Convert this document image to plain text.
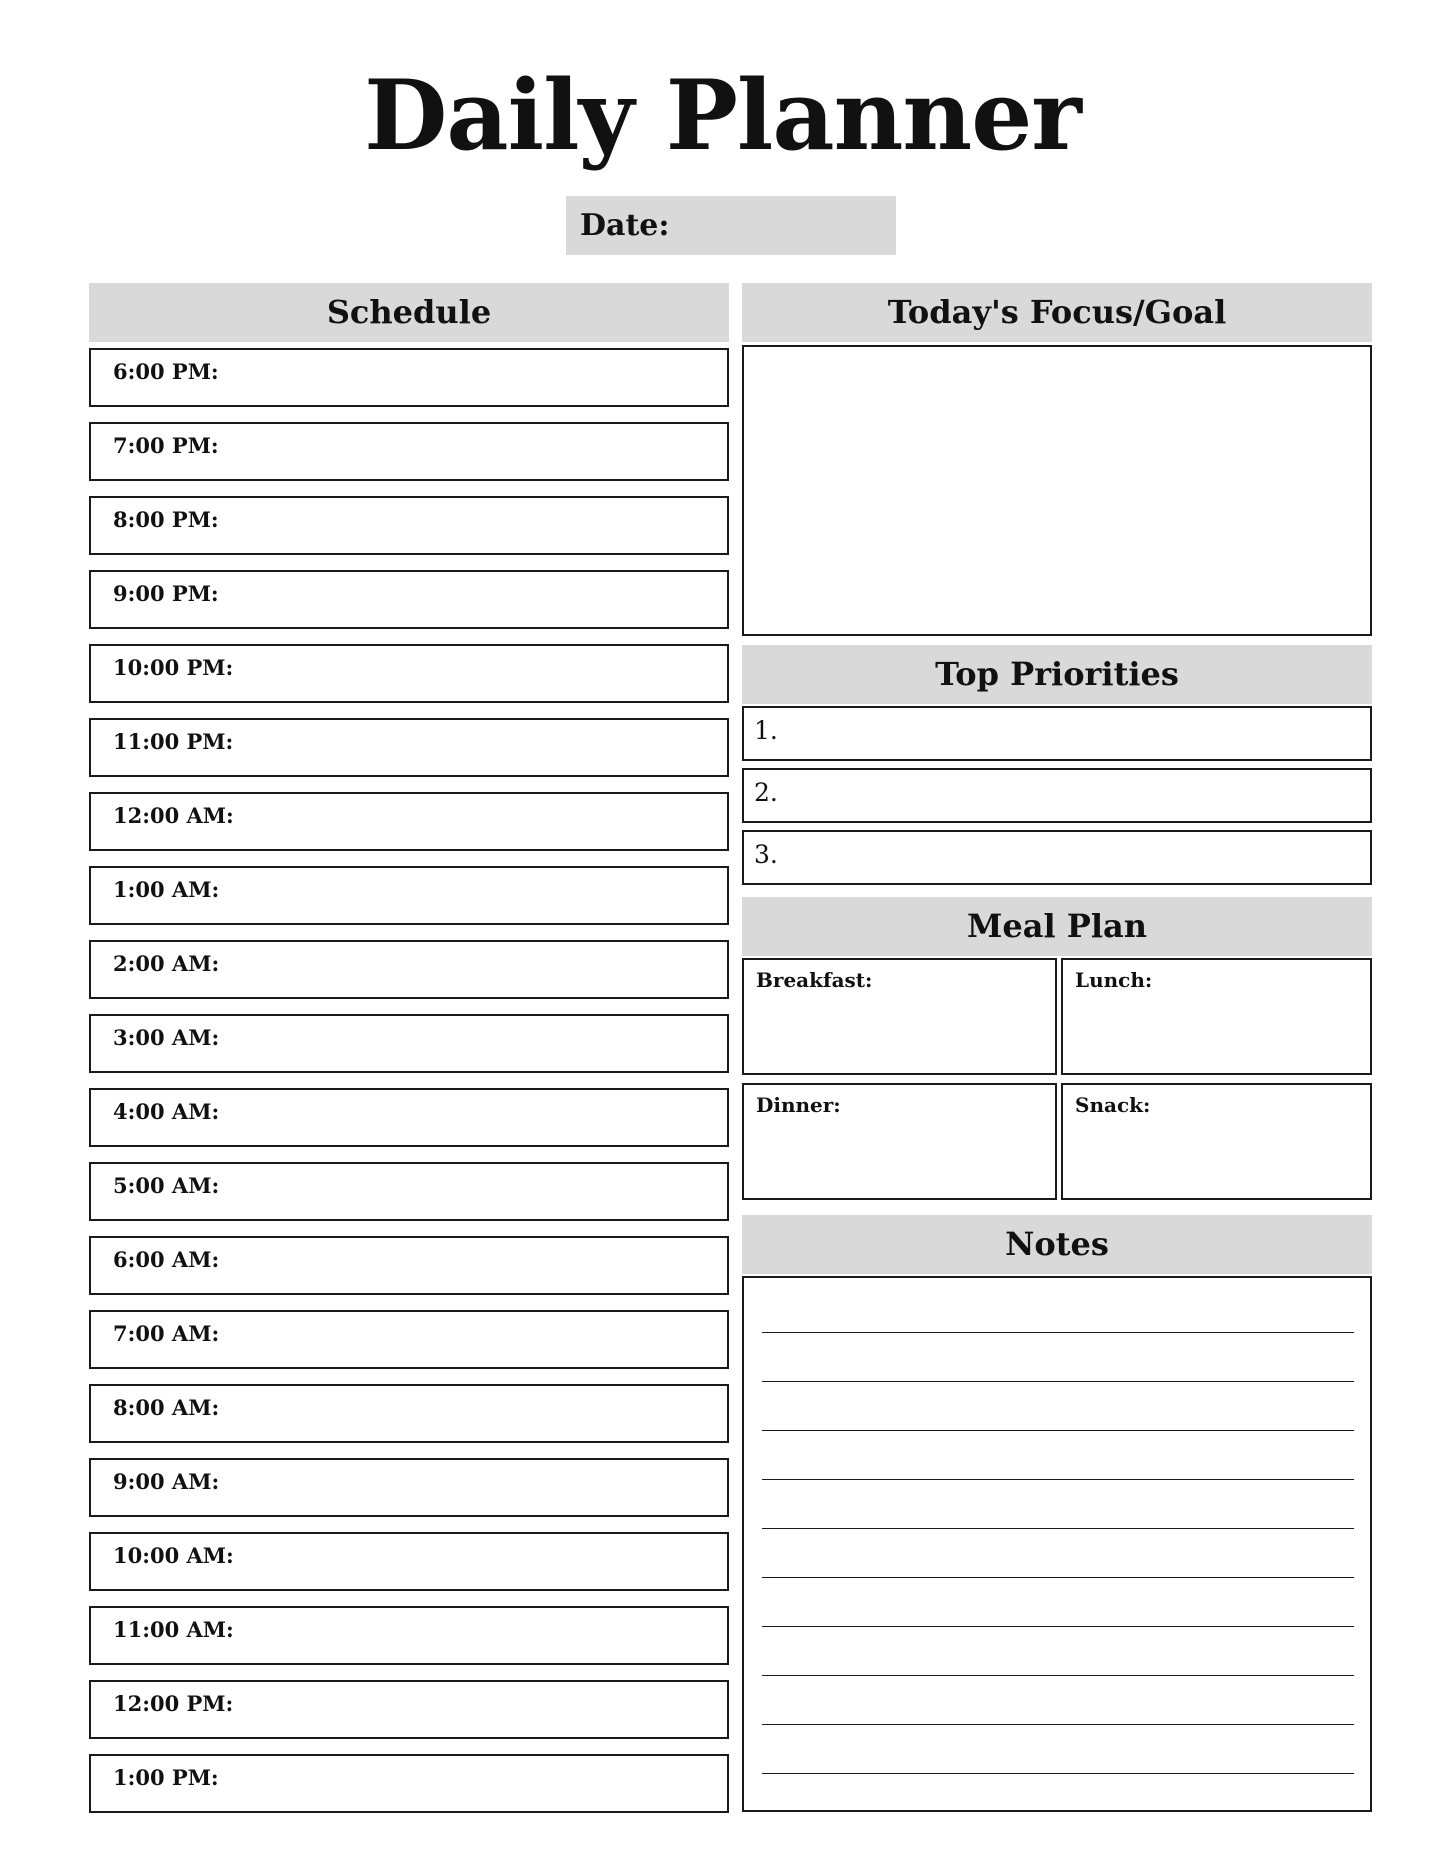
Daily Planner
Date:
Schedule
6:00 PM:
7:00 PM:
8:00 PM:
9:00 PM:
10:00 PM:
11:00 PM:
12:00 AM:
1:00 AM:
2:00 AM:
3:00 AM:
4:00 AM:
5:00 AM:
6:00 AM:
7:00 AM:
8:00 AM:
9:00 AM:
10:00 AM:
11:00 AM:
12:00 PM:
1:00 PM:
Today's Focus/Goal
Top Priorities
1.
2.
3.
Meal Plan
Breakfast:	Lunch:
Dinner:	Snack:
Notes
